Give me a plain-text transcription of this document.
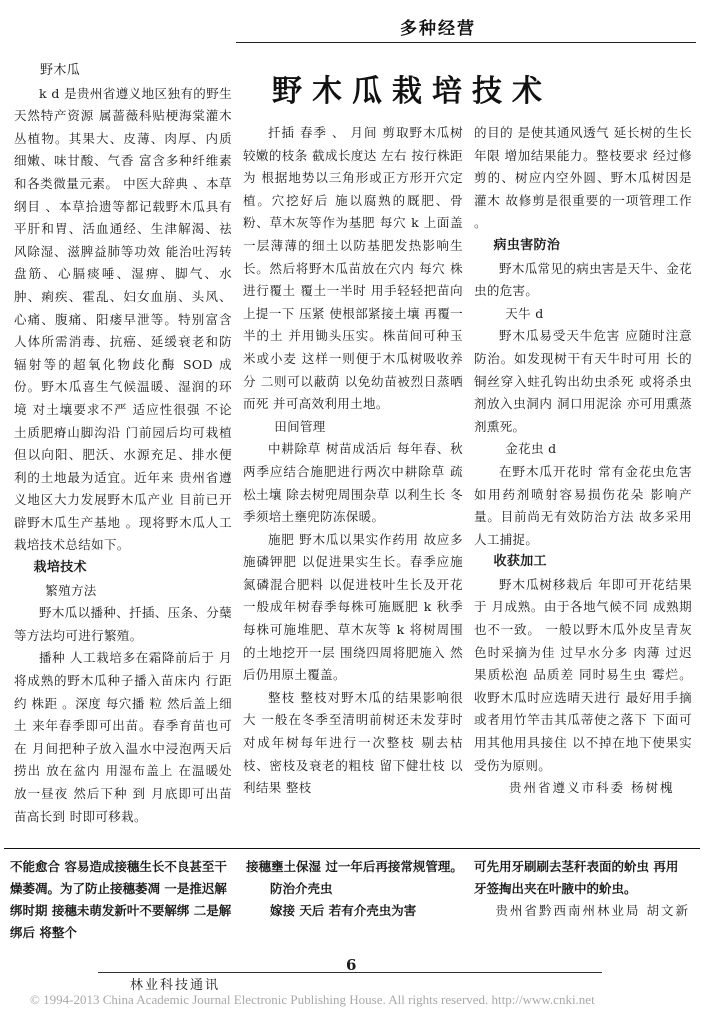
多种经营
野木瓜栽培技术
野木瓜

k d 是贵州省遵义地区独有的野生天然特产资源 属蔷薇科贴梗海棠灌木丛植物。其果大、皮薄、肉厚、内质细嫩、味甘酸、气香 富含多种纤维素和各类微量元素。 中医大辞典 、本草纲目 、本草拾遗等都记载野木瓜具有平肝和胃、活血通经、生津解渴、祛风除湿、滋脾益肺等功效 能治吐泻转盘筋、心膈痰唾、湿痹、脚气、水肿、痢疾、霍乱、妇女血崩、头风、心痛、腹痛、阳瘘早泄等。特别富含人体所需消毒、抗癌、延缓衰老和防辐射等的超氧化物歧化酶 SOD 成份。野木瓜喜生气候温暖、湿润的环境 对土壤要求不严 适应性很强 不论土质肥瘠山脚沟沿 门前园后均可栽植 但以向阳、肥沃、水源充足、排水便利的土地最为适宜。近年来 贵州省遵义地区大力发展野木瓜产业 目前已开辟野木瓜生产基地 。现将野木瓜人工栽培技术总结如下。

栽培技术

繁殖方法

野木瓜以播种、扦插、压条、分蘖等方法均可进行繁殖。

播种 人工栽培多在霜降前后于 月将成熟的野木瓜种子播入苗床内 行距约 株距 。深度 每穴播 粒 然后盖上细土 来年春季即可出苗。春季育苗也可在 月间把种子放入温水中浸泡两天后捞出 放在盆内 用湿布盖上 在温暖处放一昼夜 然后下种 到 月底即可出苗 苗高长到 时即可移栽。

扦插 春季 、 月间 剪取野木瓜树较嫩的枝条 截成长度达 左右 按行株距为 根据地势以三角形或正方形开穴定植。穴挖好后 施以腐熟的厩肥、骨粉、草木灰等作为基肥 每穴 k 上面盖一层薄薄的细土以防基肥发热影响生长。然后将野木瓜苗放在穴内 每穴 株 进行覆土 覆土一半时 用手轻轻把苗向上提一下 压紧 使根部紧接土壤 再覆一半的土 并用锄头压实。株苗间可种玉米或小麦 这样一则便于木瓜树吸收养分 二则可以蔽荫 以免幼苗被烈日蒸晒而死 并可高效利用土地。

田间管理

中耕除草 树苗成活后 每年春、秋两季应结合施肥进行两次中耕除草 疏松土壤 除去树兜周围杂草 以利生长 冬季须培土壅兜防冻保暖。

施肥 野木瓜以果实作药用 故应多施磷钾肥 以促进果实生长。春季应施氮磷混合肥料 以促进枝叶生长及开花 一般成年树春季每株可施厩肥 k 秋季每株可施堆肥、草木灰等 k 将树周围的土地挖开一层 围绕四周将肥施入 然后仍用原土覆盖。

整枝 整枝对野木瓜的结果影响很大 一般在冬季至清明前树还未发芽时 对成年树每年进行一次整枝 剔去枯枝、密枝及衰老的粗枝 留下健壮枝 以利结果 整枝

的目的 是使其通风透气 延长树的生长年限 增加结果能力。整枝要求 经过修剪的、树应内空外圆、野木瓜树因是灌木 故修剪是很重要的一项管理工作 。

病虫害防治

野木瓜常见的病虫害是天牛、金花虫的危害。

天牛 d

野木瓜易受天牛危害 应随时注意防治。如发现树干有天牛时可用 长的铜丝穿入蛀孔钩出幼虫杀死 或将杀虫剂放入虫洞内 洞口用泥涂 亦可用熏蒸剂熏死。

金花虫 d

在野木瓜开花时 常有金花虫危害 如用药剂喷射容易损伤花朵 影响产量。目前尚无有效防治方法 故多采用人工捕捉。

收获加工

野木瓜树移栽后 年即可开花结果 于 月成熟。由于各地气候不同 成熟期也不一致。 一般以野木瓜外皮呈青灰色时采摘为佳 过早水分多 肉薄 过迟果质松泡 品质差 同时易生虫 霉烂。收野木瓜时应选晴天进行 最好用手摘 或者用竹竿击其瓜蒂使之落下 下面可用其他用具接住 以不掉在地下使果实受伤为原则。

贵州省遵义市科委 杨树槐

不能愈合 容易造成接穗生长不良甚至干燥萎凋。为了防止接穗萎凋 一是推迟解绑时期 接穗未萌发新叶不要解绑 二是解绑后 将整个

接穗壅土保湿 过一年后再接常规管理。

防治介壳虫

嫁接 天后 若有介壳虫为害

可先用牙刷刷去茎秆表面的蚧虫 再用牙签掏出夹在叶腋中的蚧虫。

贵州省黔西南州林业局 胡文新

6
林业科技通讯
© 1994-2013 China Academic Journal Electronic Publishing House. All rights reserved. http://www.cnki.net
